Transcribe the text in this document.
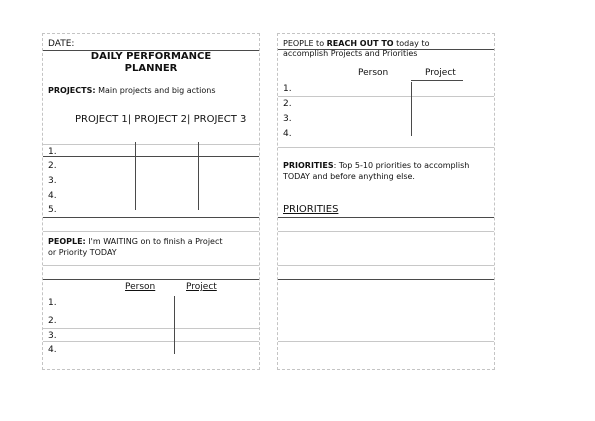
DATE:
DAILY PERFORMANCE
PLANNER
PROJECTS: Main projects and big actions
PROJECT 1| PROJECT 2| PROJECT 3
1.
2.
3.
4.
5.
PEOPLE: I'm WAITING on to finish a Project
or Priority TODAY
Person	Project
1.
2.
3.
4.
PEOPLE to REACH OUT TO today to
accomplish Projects and Priorities
Person	Project
1.
2.
3.
4.
PRIORITIES: Top 5-10 priorities to accomplish
TODAY and before anything else.
PRIORITIES
